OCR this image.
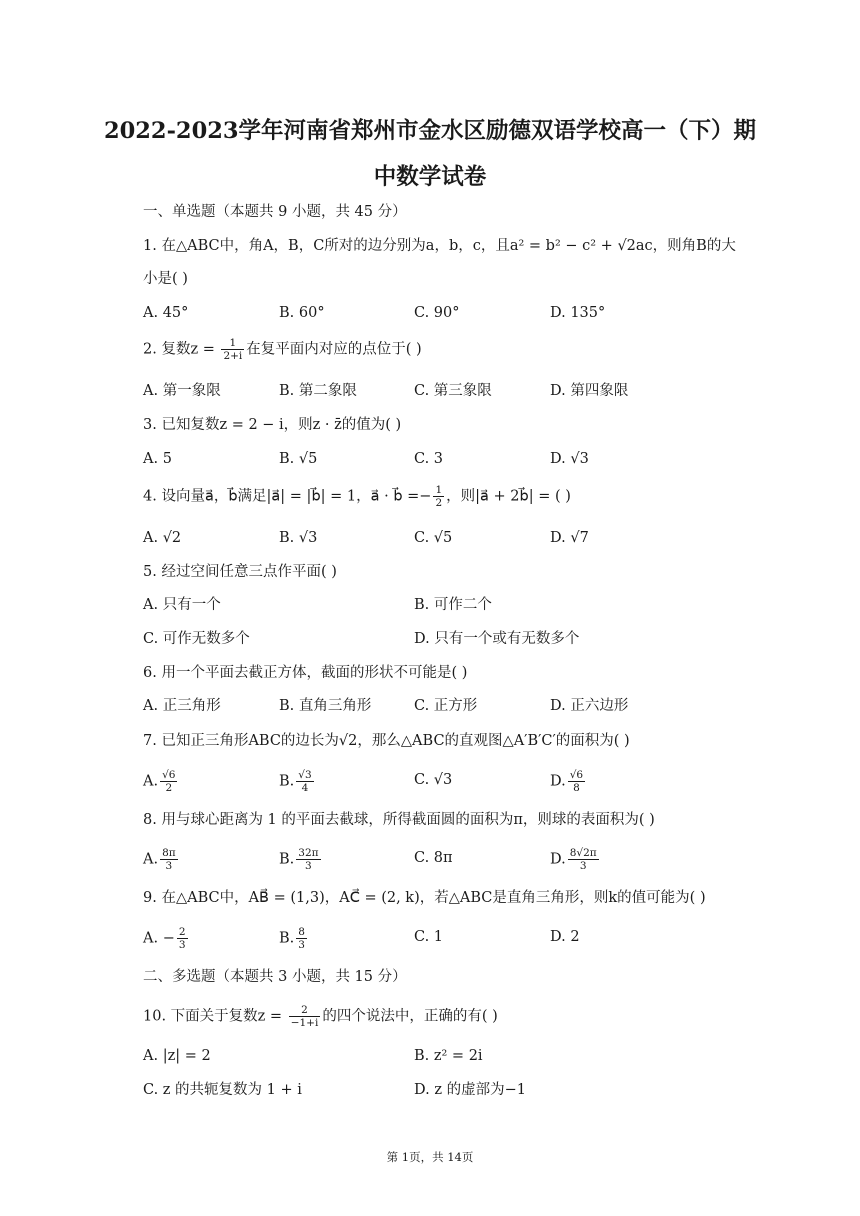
2022-2023学年河南省郑州市金水区励德双语学校高一（下）期
中数学试卷
一、单选题（本题共 9 小题，共 45 分）
1. 在△ABC中，角A，B，C所对的边分别为a，b，c，且a² = b² − c² + √2ac，则角B的大
小是( )
A. 45°	B. 60°	C. 90°	D. 135°
2. 复数$z = \frac{1}{2+i}$ 在复平面内对应的点位于( )
A. 第一象限	B. 第二象限	C. 第三象限	D. 第四象限
3. 已知复数z = 2 − i，则z · z̄的值为( )
A. 5	B. √5	C. 3	D. √3
4. 设向量a⃗，b⃗满足|a⃗| = |b⃗| = 1，a⃗ · b⃗ =− $\frac{1}{2}$ ，则|a⃗ + 2b⃗| = ( )
A. √2	B. √3	C. √5	D. √7
5. 经过空间任意三点作平面( )
A. 只有一个	B. 可作二个
C. 可作无数多个	D. 只有一个或有无数多个
6. 用一个平面去截正方体，截面的形状不可能是( )
A. 正三角形	B. 直角三角形	C. 正方形	D. 正六边形
7. 已知正三角形ABC的边长为√2，那么△ABC的直观图△A′B′C′的面积为( )
A. $\frac{√6}{2}$	B. $\frac{√3}{4}$	C. √3	D. $\frac{√6}{8}$
8. 用与球心距离为 1 的平面去截球，所得截面圆的面积为π，则球的表面积为( )
A. $\frac{8\pi}{3}$	B. $\frac{32\pi}{3}$	C. 8π	D. $\frac{8√2\pi}{3}$
9. 在△ABC中，AB⃗ = (1,3)，AC⃗ = (2, k)，若△ABC是直角三角形，则k的值可能为( )
A. − $\frac{2}{3}$	B. $\frac{8}{3}$	C. 1	D. 2
二、多选题（本题共 3 小题，共 15 分）
10. 下面关于复数$z = \frac{2}{-1+i}$ 的四个说法中，正确的有( )
A. |z| = 2	B. z² = 2i
C. z 的共轭复数为 1 + i	D. z 的虚部为−1
第 1页，共 14页
